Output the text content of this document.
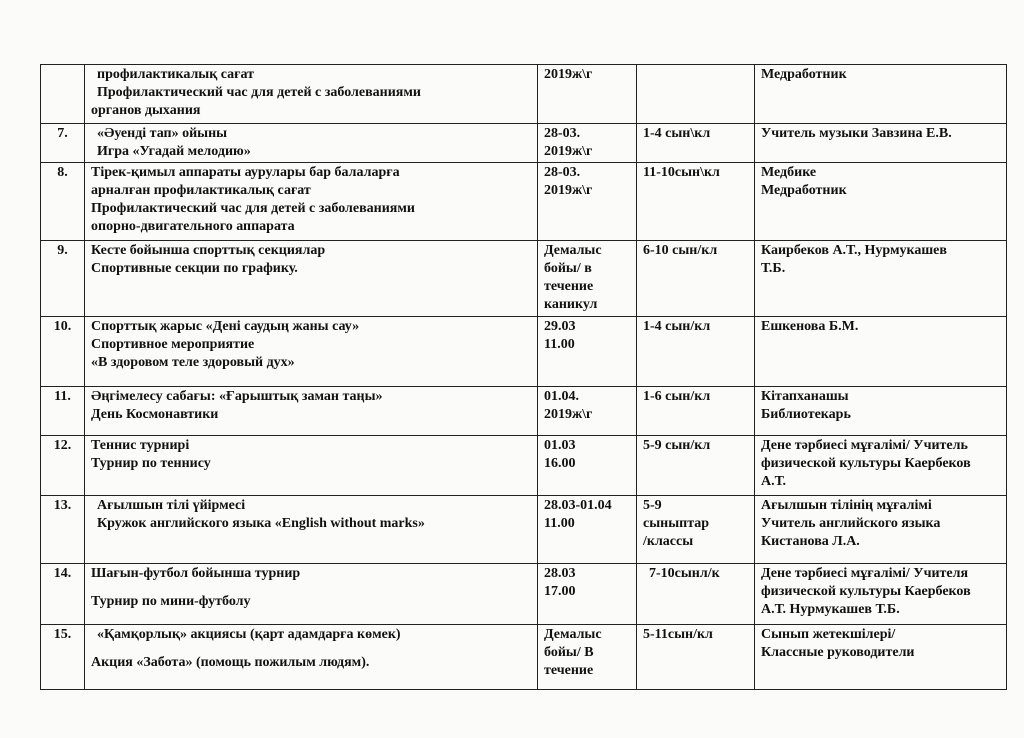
	профилактикалық сағат
Профилактический час для детей с заболеваниями
органов дыхания	2019ж\г		Медработник

7.	«Әуенді тап» ойыны
Игра «Угадай мелодию»	28-03.
2019ж\г	1-4 сын\кл	Учитель музыки Завзина Е.В.

8.	Тірек-қимыл аппараты аурулары бар балаларға
арналған профилактикалық сағат
Профилактический час для детей с заболеваниями
опорно-двигательного аппарата	28-03.
2019ж\г	11-10сын\кл	Медбике
Медработник

9.	Кесте бойынша спорттық секциялар
Спортивные секции по графику.	Демалыс
бойы/ в
течение
каникул	6-10 сын/кл	Каирбеков А.Т., Нурмукашев
Т.Б.

10.	Спорттық жарыс «Дені саудың жаны сау»
Спортивное мероприятие
«В здоровом теле здоровый дух»	29.03
11.00	1-4 сын/кл	Ешкенова Б.М.

11.	Әңгімелесу сабағы: «Ғарыштық заман таңы»
День Космонавтики	01.04.
2019ж\г	1-6 сын/кл	Кітапханашы
Библиотекарь

12.	Теннис турнирі
Турнир по теннису	01.03
16.00	5-9 сын/кл	Дене тәрбиесі мұғалімі/ Учитель
физической культуры Каербеков
А.Т.

13.	Ағылшын тілі үйірмесі
Кружок английского языка «English without marks»	28.03-01.04
11.00	5-9
сыныптар
/классы	Ағылшын тілінің мұғалімі
Учитель английского языка
Кистанова Л.А.

14.	Шағын-футбол бойынша турнир
Турнир по мини-футболу	28.03
17.00	7-10сынл/к	Дене тәрбиесі мұғалімі/ Учителя
физической культуры Каербеков
А.Т. Нурмукашев Т.Б.

15.	«Қамқорлық» акциясы (қарт адамдарға көмек)
Акция «Забота» (помощь пожилым людям).	Демалыс
бойы/ В
течение	5-11сын/кл	Сынып жетекшілері/
Классные руководители
